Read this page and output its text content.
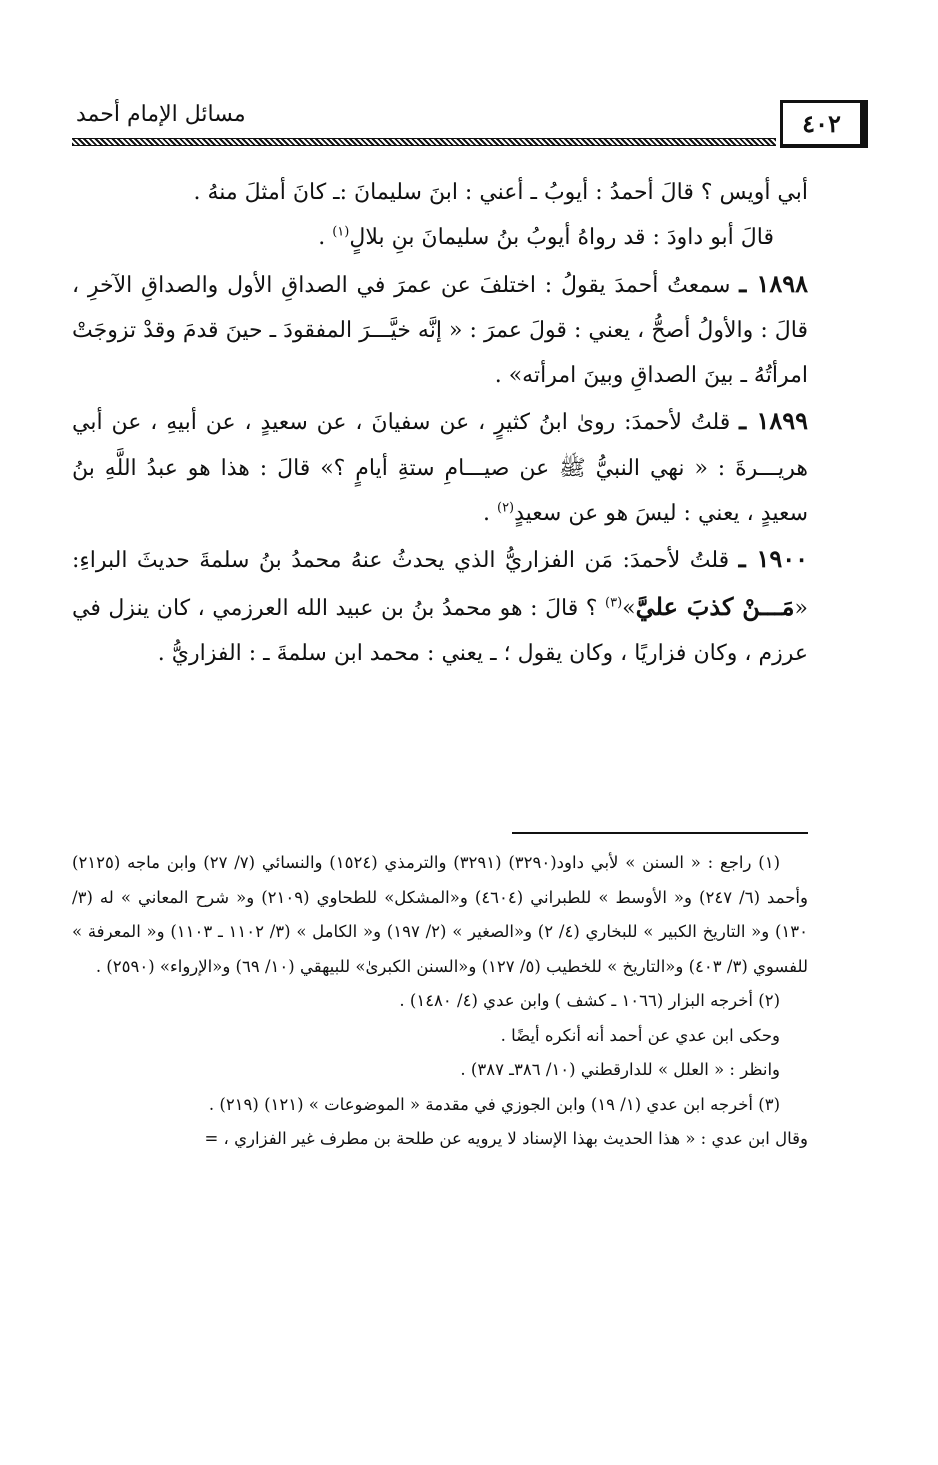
٤٠٢
مسائل الإمام أحمد

أبي أويس ؟ قالَ أحمدُ : أيوبُ ـ أعني : ابنَ سليمانَ :ـ كانَ أمثلَ منهُ .

قالَ أبو داودَ : قد رواهُ أيوبُ بنُ سليمانَ بنِ بلالٍ$^{(١)}$ .

١٨٩٨ ـ سمعتُ أحمدَ يقولُ : اختلفَ عن عمرَ في الصداقِ الأول والصداقِ الآخرِ ، قالَ : والأولُ أصحُّ ، يعني : قولَ عمرَ : « إنَّه خيَّـــرَ المفقودَ ـ حينَ قدمَ وقدْ تزوجَتْ امرأتُهُ ـ بينَ الصداقِ وبينَ امرأته» .

١٨٩٩ ـ قلتُ لأحمدَ: روىٰ ابنُ كثيرٍ ، عن سفيانَ ، عن سعيدٍ ، عن أبيهِ ، عن أبي هريـــرةَ : « نهي النبيُّ ﷺ عن صيـــامِ ستةِ أيامٍ ؟» قالَ : هذا هو عبدُ اللَّهِ بنُ سعيدٍ ، يعني : ليسَ هو عن سعيدٍ$^{(٢)}$ .

١٩٠٠ ـ قلتُ لأحمدَ: مَن الفزاريُّ الذي يحدثُ عنهُ محمدُ بنُ سلمةَ حديثَ البراءِ: «مَـــنْ كذبَ عليَّ»$^{(٣)}$ ؟ قالَ : هو محمدُ بنُ بن عبيد الله العرزمي ، كان ينزل في عرزم ، وكان فزاريًا ، وكان يقول ؛ ـ يعني : محمد ابن سلمةَ ـ : الفزاريُّ .

(١) راجع : « السنن » لأبي داود(٣٢٩٠) (٣٢٩١) والترمذي (١٥٢٤) والنسائي (٧/ ٢٧) وابن ماجه (٢١٢٥) وأحمد (٦/ ٢٤٧) و« الأوسط » للطبراني (٤٦٠٤) و«المشكل» للطحاوي (٢١٠٩) و« شرح المعاني » له (٣/ ١٣٠) و« التاريخ الكبير » للبخاري (٤/ ٢) و«الصغير » (٢/ ١٩٧) و« الكامل » (٣/ ١١٠٢ ـ ١١٠٣) و« المعرفة » للفسوي (٣/ ٤٠٣) و«التاريخ » للخطيب (٥/ ١٢٧) و«السنن الكبرىٰ» للبيهقي (١٠/ ٦٩) و«الإرواء» (٢٥٩٠) .

(٢) أخرجه البزار (١٠٦٦ ـ كشف ) وابن عدي (٤/ ١٤٨٠) .

وحكى ابن عدي عن أحمد أنه أنكره أيضًا .

وانظر : « العلل » للدارقطني (١٠/ ٣٨٦ـ ٣٨٧) .

(٣) أخرجه ابن عدي (١/ ١٩) وابن الجوزي في مقدمة « الموضوعات » (١٢١) (٢١٩) .

وقال ابن عدي : « هذا الحديث بهذا الإسناد لا يرويه عن طلحة بن مطرف غير الفزاري ، =
